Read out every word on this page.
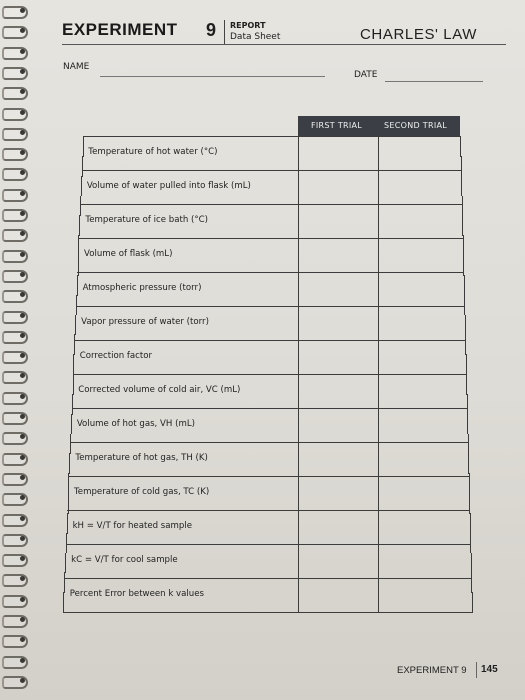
EXPERIMENT 9 REPORT
Data Sheet	CHARLES' LAW
NAME
DATE
FIRST TRIAL	SECOND TRIAL
Temperature of hot water (°C)
Volume of water pulled into flask (mL)
Temperature of ice bath (°C)
Volume of flask (mL)
Atmospheric pressure (torr)
Vapor pressure of water (torr)
Correction factor
Corrected volume of cold air, VC (mL)
Volume of hot gas, VH (mL)
Temperature of hot gas, TH (K)
Temperature of cold gas, TC (K)
kH = V/T for heated sample
kC = V/T for cool sample
Percent Error between k values
EXPERIMENT 9 145
